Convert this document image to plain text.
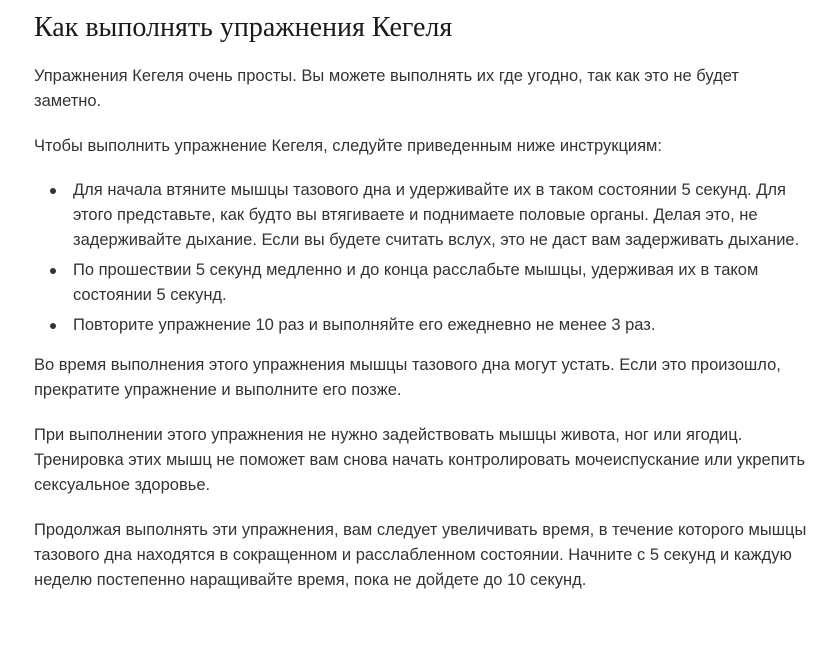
Как выполнять упражнения Кегеля

Упражнения Кегеля очень просты. Вы можете выполнять их где угодно, так как это не будет заметно.

Чтобы выполнить упражнение Кегеля, следуйте приведенным ниже инструкциям:

Для начала втяните мышцы тазового дна и удерживайте их в таком состоянии 5 секунд. Для этого представьте, как будто вы втягиваете и поднимаете половые органы. Делая это, не задерживайте дыхание. Если вы будете считать вслух, это не даст вам задерживать дыхание.
По прошествии 5 секунд медленно и до конца расслабьте мышцы, удерживая их в таком состоянии 5 секунд.
Повторите упражнение 10 раз и выполняйте его ежедневно не менее 3 раз.

Во время выполнения этого упражнения мышцы тазового дна могут устать. Если это произошло, прекратите упражнение и выполните его позже.

При выполнении этого упражнения не нужно задействовать мышцы живота, ног или ягодиц. Тренировка этих мышц не поможет вам снова начать контролировать мочеиспускание или укрепить сексуальное здоровье.

Продолжая выполнять эти упражнения, вам следует увеличивать время, в течение которого мышцы тазового дна находятся в сокращенном и расслабленном состоянии. Начните с 5 секунд и каждую неделю постепенно наращивайте время, пока не дойдете до 10 секунд.
